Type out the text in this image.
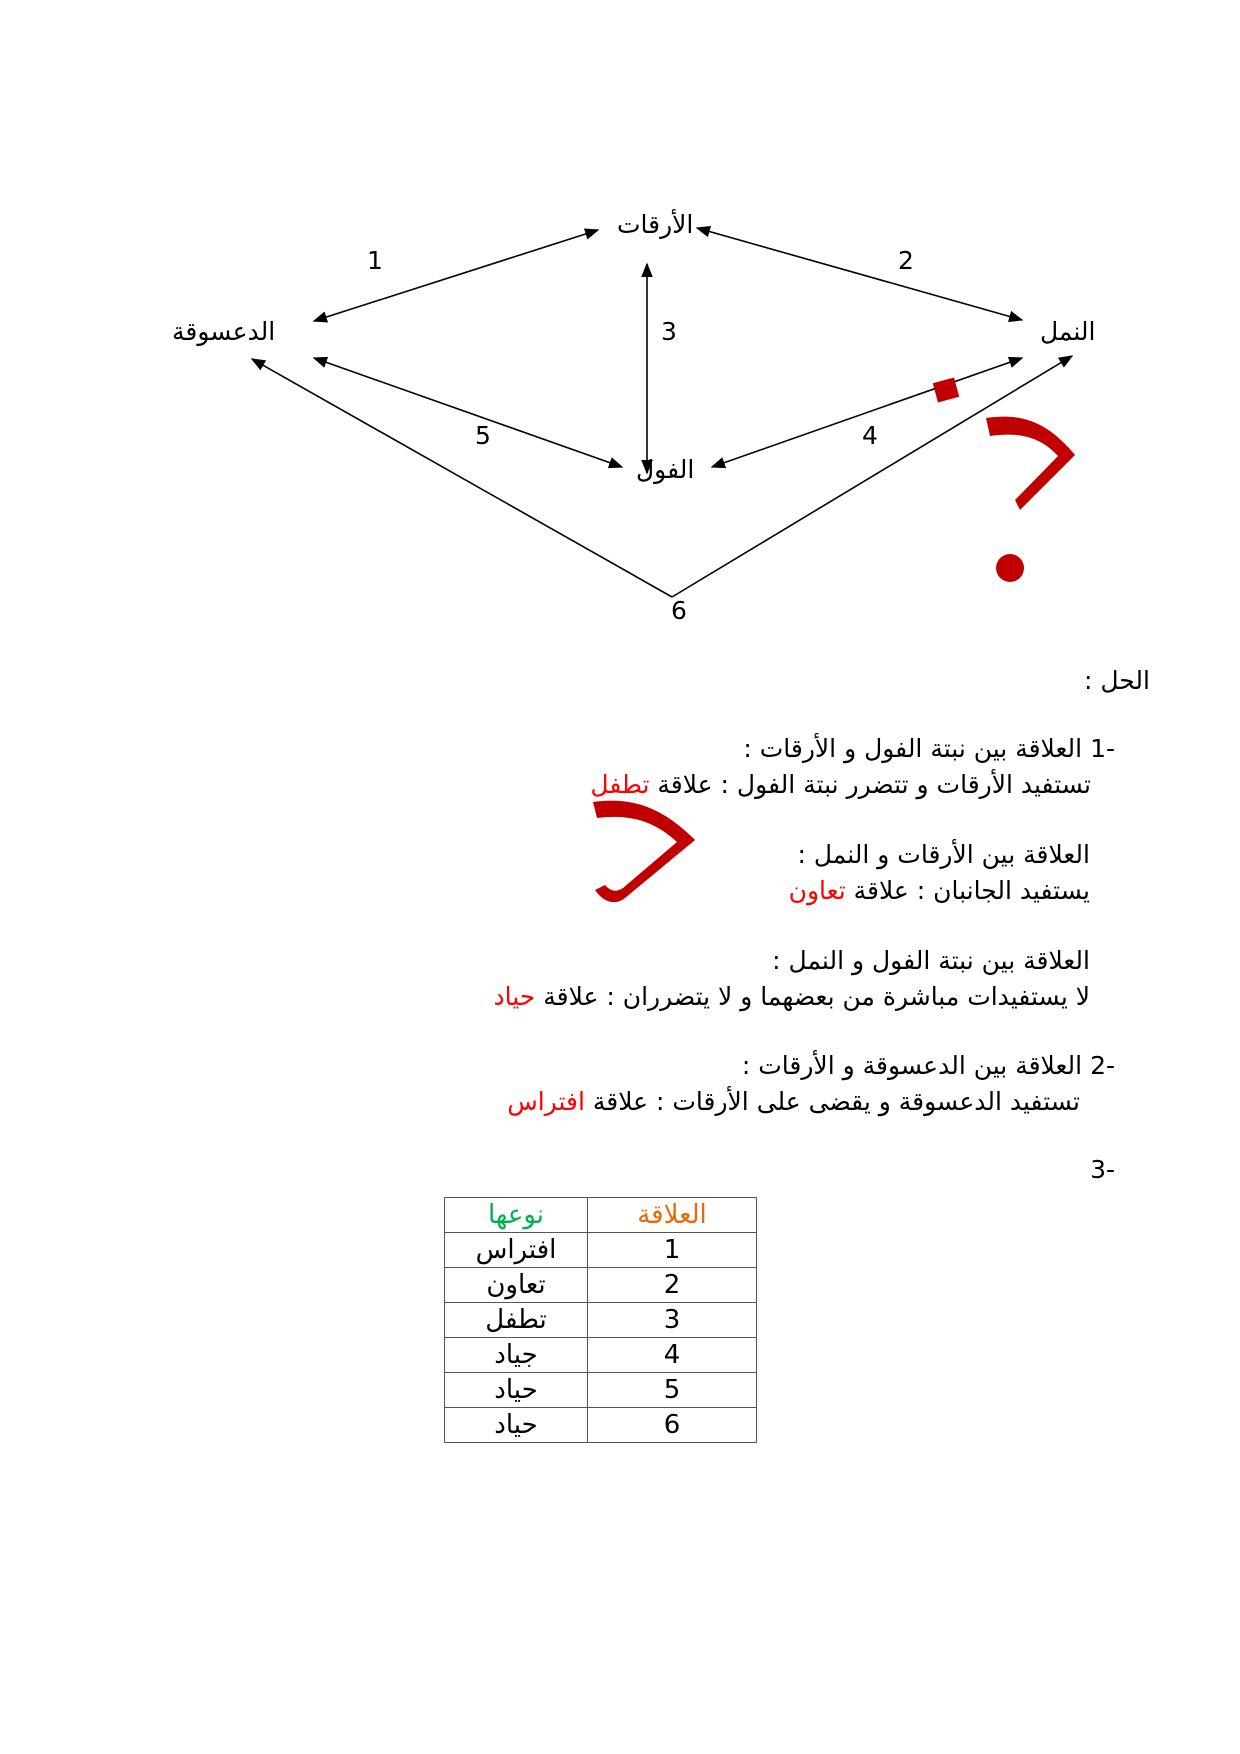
الأرقات
الدعسوقة	النمل
الفول
1	2
3
4
5
6
الحل :
-1 العلاقة بين نبتة الفول و الأرقات :
تستفيد الأرقات و تتضرر نبتة الفول : علاقة تطفل
العلاقة بين الأرقات و النمل :
يستفيد الجانبان : علاقة تعاون
العلاقة بين نبتة الفول و النمل :
لا يستفيدات مباشرة من بعضهما و لا يتضرران : علاقة حياد
-2 العلاقة بين الدعسوقة و الأرقات :
تستفيد الدعسوقة و يقضى على الأرقات : علاقة افتراس
-3
العلاقة	نوعها
1	افتراس
2	تعاون
3	تطفل
4	جياد
5	حياد
6	حياد
